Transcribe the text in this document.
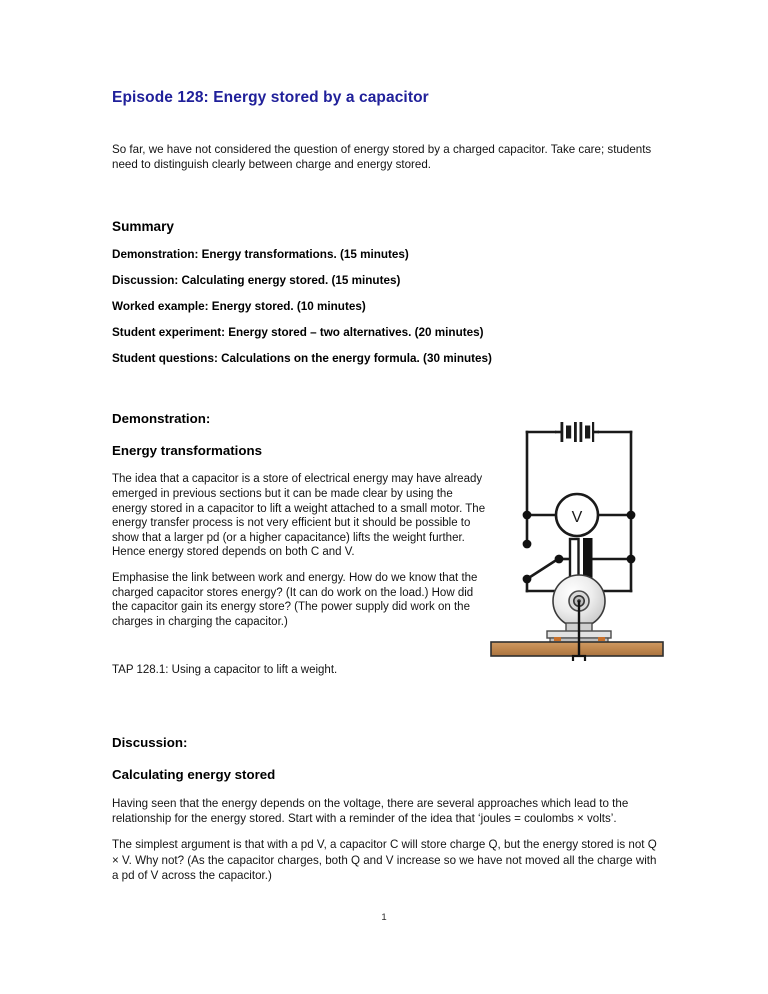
Episode 128: Energy stored by a capacitor

So far, we have not considered the question of energy stored by a charged capacitor. Take care; students need to distinguish clearly between charge and energy stored.

Summary
Demonstration: Energy transformations. (15 minutes)
Discussion: Calculating energy stored. (15 minutes)
Worked example: Energy stored. (10 minutes)
Student experiment: Energy stored – two alternatives. (20 minutes)
Student questions: Calculations on the energy formula. (30 minutes)
V
Demonstration:
Energy transformations

The idea that a capacitor is a store of electrical energy may have already emerged in previous sections but it can be made clear by using the energy stored in a capacitor to lift a weight attached to a small motor. The energy transfer process is not very efficient but it should be possible to show that a larger pd (or a higher capacitance) lifts the weight further. Hence energy stored depends on both C and V.

Emphasise the link between work and energy. How do we know that the charged capacitor stores energy? (It can do work on the load.) How did the capacitor gain its energy store? (The power supply did work on the charges in charging the capacitor.)

TAP 128.1: Using a capacitor to lift a weight.

Discussion:
Calculating energy stored

Having seen that the energy depends on the voltage, there are several approaches which lead to the relationship for the energy stored. Start with a reminder of the idea that ‘joules = coulombs × volts’.

The simplest argument is that with a pd V, a capacitor C will store charge Q, but the energy stored is not Q × V. Why not? (As the capacitor charges, both Q and V increase so we have not moved all the charge with a pd of V across the capacitor.)

1
